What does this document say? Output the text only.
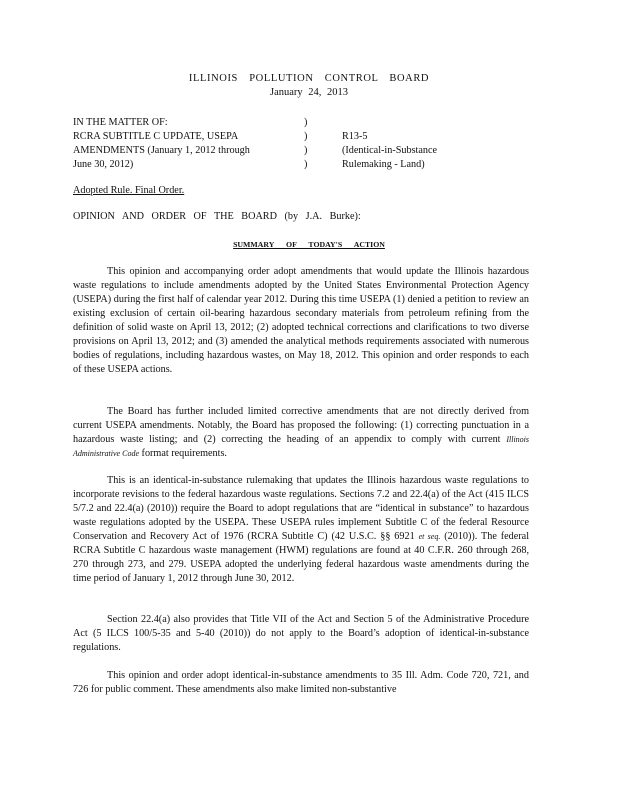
ILLINOIS POLLUTION CONTROL BOARD
January 24, 2013
IN THE MATTER OF:
RCRA SUBTITLE C UPDATE, USEPA
AMENDMENTS (January 1, 2012 through
June 30, 2012)
)
)
)
)

R13-5
(Identical-in-Substance
Rulemaking - Land)
Adopted Rule. Final Order.
OPINION AND ORDER OF THE BOARD (by J.A. Burke):
SUMMARY OF TODAY'S ACTION

This opinion and accompanying order adopt amendments that would update the Illinois hazardous waste regulations to include amendments adopted by the United States Environmental Protection Agency (USEPA) during the first half of calendar year 2012. During this time USEPA (1) denied a petition to review an existing exclusion of certain oil-bearing hazardous secondary materials from petroleum refining from the definition of solid waste on April 13, 2012; (2) adopted technical corrections and clarifications to two diverse provisions on April 13, 2012; and (3) amended the analytical methods requirements associated with numerous bodies of regulations, including hazardous wastes, on May 18, 2012. This opinion and order responds to each of these USEPA actions.

The Board has further included limited corrective amendments that are not directly derived from current USEPA amendments. Notably, the Board has proposed the following: (1) correcting punctuation in a hazardous waste listing; and (2) correcting the heading of an appendix to comply with current Illinois Administrative Code format requirements.

This is an identical-in-substance rulemaking that updates the Illinois hazardous waste regulations to incorporate revisions to the federal hazardous waste regulations. Sections 7.2 and 22.4(a) of the Act (415 ILCS 5/7.2 and 22.4(a) (2010)) require the Board to adopt regulations that are “identical in substance” to hazardous waste regulations adopted by the USEPA. These USEPA rules implement Subtitle C of the federal Resource Conservation and Recovery Act of 1976 (RCRA Subtitle C) (42 U.S.C. §§ 6921 et seq. (2010)). The federal RCRA Subtitle C hazardous waste management (HWM) regulations are found at 40 C.F.R. 260 through 268, 270 through 273, and 279. USEPA adopted the underlying federal hazardous waste amendments during the time period of January 1, 2012 through June 30, 2012.

Section 22.4(a) also provides that Title VII of the Act and Section 5 of the Administrative Procedure Act (5 ILCS 100/5-35 and 5-40 (2010)) do not apply to the Board’s adoption of identical-in-substance regulations.

This opinion and order adopt identical-in-substance amendments to 35 Ill. Adm. Code 720, 721, and 726 for public comment. These amendments also make limited non-substantive
